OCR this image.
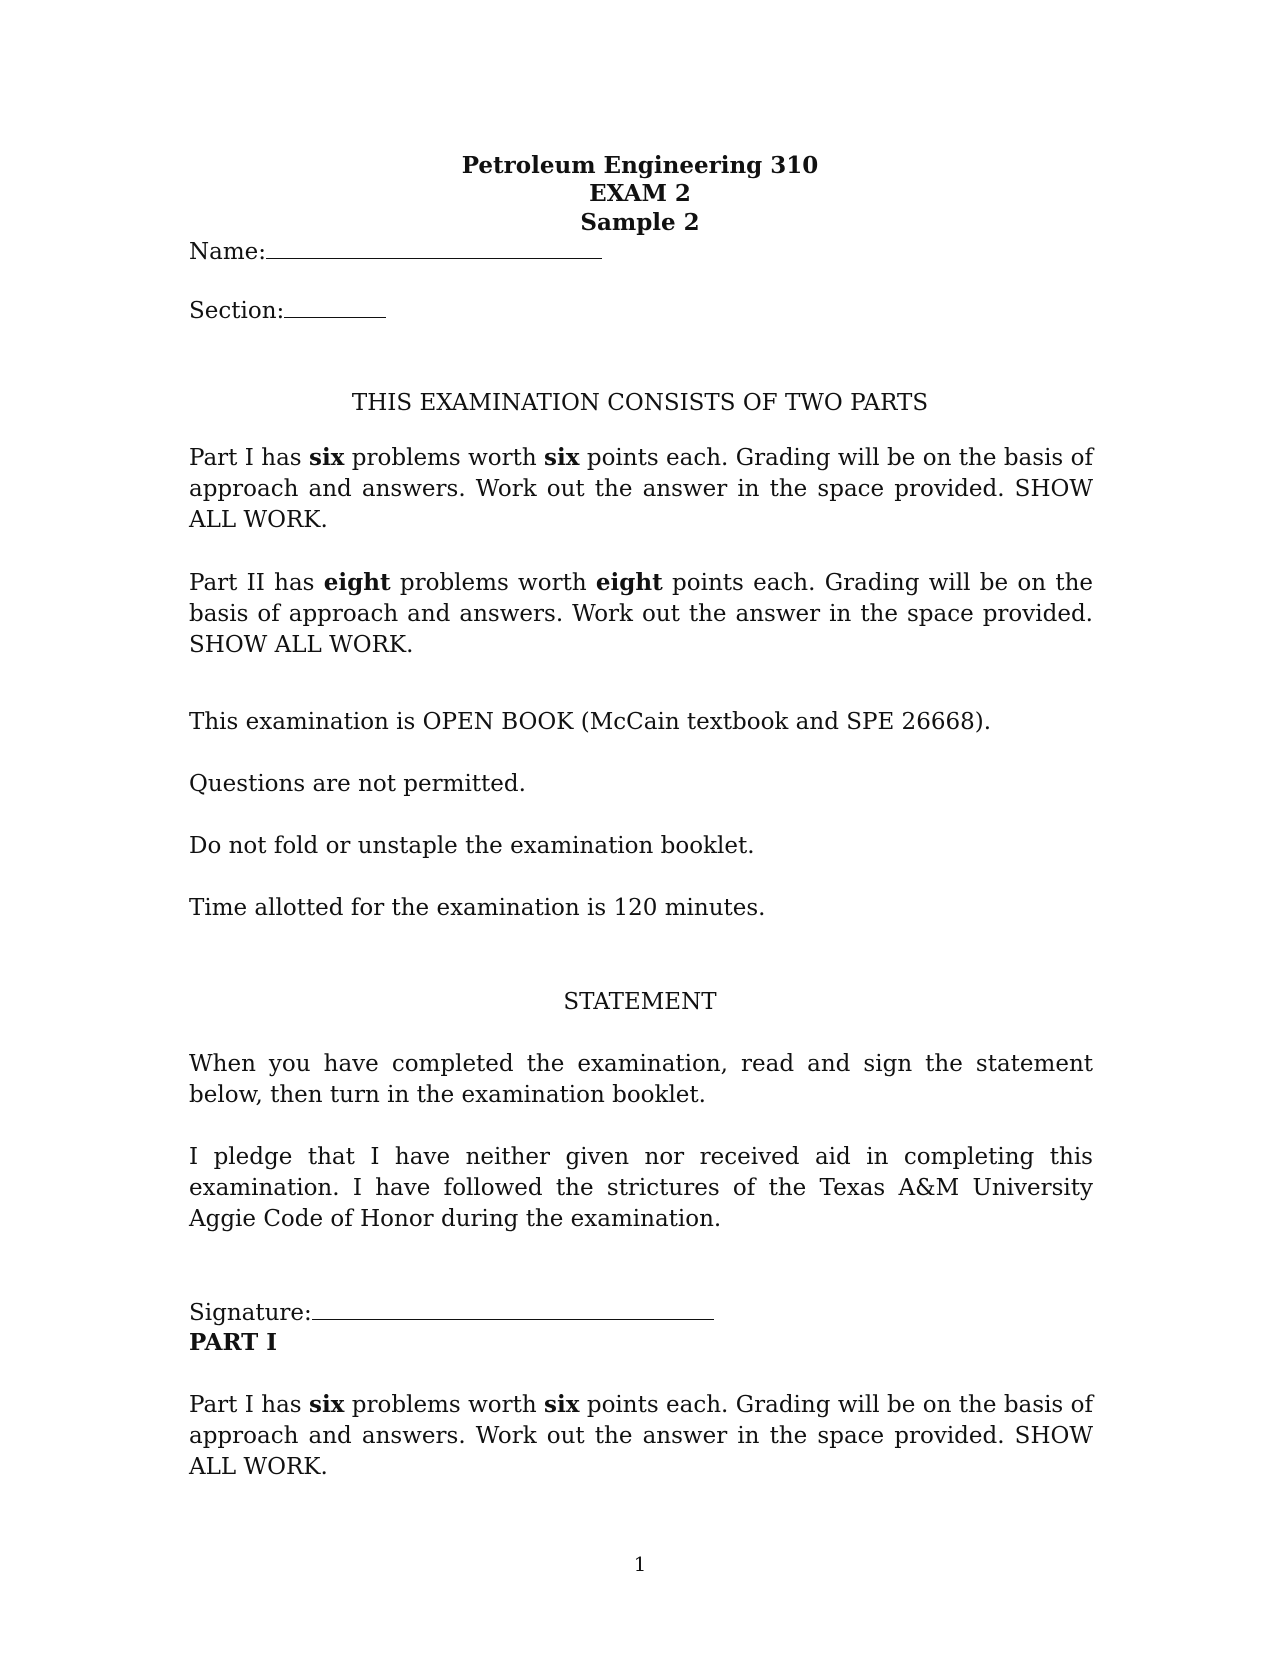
Petroleum Engineering 310
EXAM 2
Sample 2
Name:
Section:
THIS EXAMINATION CONSISTS OF TWO PARTS
Part I has six problems worth six points each. Grading will be on the basis of approach and answers. Work out the answer in the space provided. SHOW ALL WORK.
Part II has eight problems worth eight points each. Grading will be on the basis of approach and answers. Work out the answer in the space provided. SHOW ALL WORK.
This examination is OPEN BOOK (McCain textbook and SPE 26668).
Questions are not permitted.
Do not fold or unstaple the examination booklet.
Time allotted for the examination is 120 minutes.
STATEMENT
When you have completed the examination, read and sign the statement below, then turn in the examination booklet.
I pledge that I have neither given nor received aid in completing this examination. I have followed the strictures of the Texas A&M University Aggie Code of Honor during the examination.
Signature:
PART I
Part I has six problems worth six points each. Grading will be on the basis of approach and answers. Work out the answer in the space provided. SHOW ALL WORK.
1
